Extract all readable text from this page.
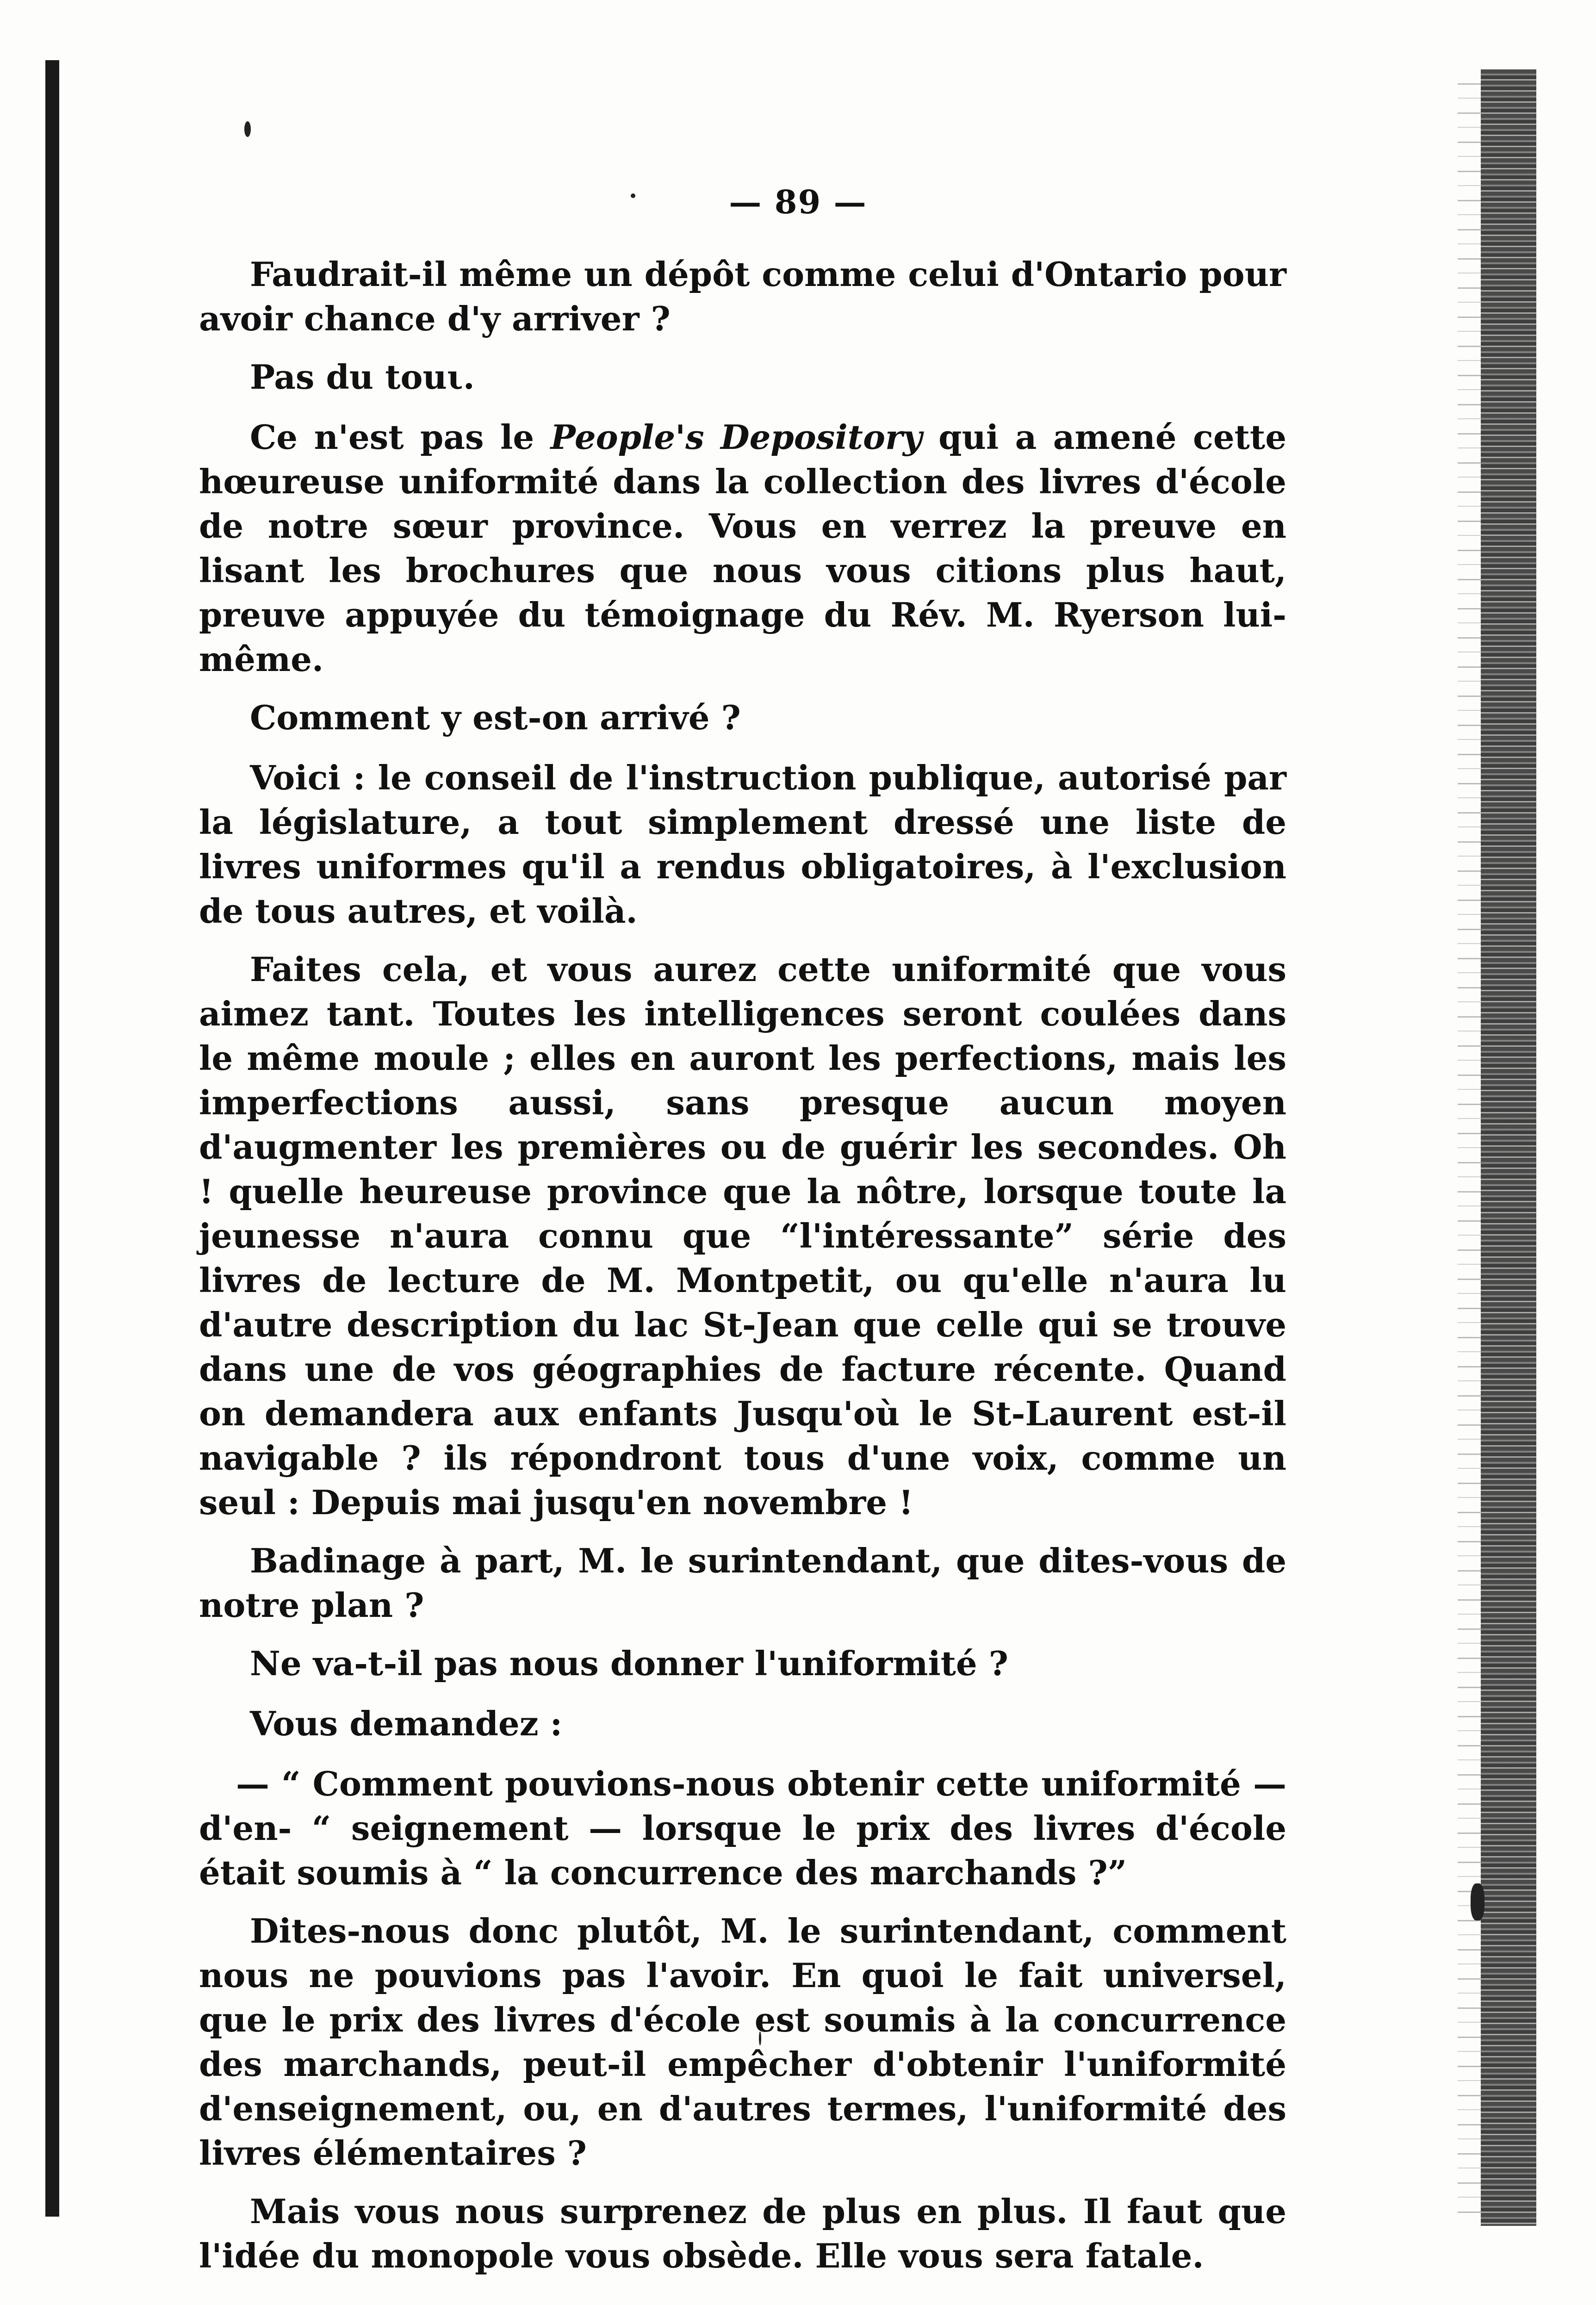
— 89 —

Faudrait-il même un dépôt comme celui d'Ontario pour avoir chance d'y arriver ?

Pas du touι.

Ce n'est pas le People's Depository qui a amené cette hœureuse uniformité dans la collection des livres d'école de notre sœur province. Vous en verrez la preuve en lisant les brochures que nous vous citions plus haut, preuve appuyée du témoignage du Rév. M. Ryerson lui-même.

Comment y est-on arrivé ?

Voici : le conseil de l'instruction publique, autorisé par la législature, a tout simplement dressé une liste de livres uniformes qu'il a rendus obligatoires, à l'exclusion de tous autres, et voilà.

Faites cela, et vous aurez cette uniformité que vous aimez tant. Toutes les intelligences seront coulées dans le même moule ; elles en auront les perfections, mais les imperfections aussi, sans presque aucun moyen d'augmenter les premières ou de guérir les secondes. Oh ! quelle heureuse province que la nôtre, lorsque toute la jeunesse n'aura connu que “l'intéressante” série des livres de lecture de M. Montpetit, ou qu'elle n'aura lu d'autre description du lac St-Jean que celle qui se trouve dans une de vos géographies de facture récente. Quand on demandera aux enfants Jusqu'où le St-Laurent est-il navigable ? ils répondront tous d'une voix, comme un seul : Depuis mai jusqu'en novembre !

Badinage à part, M. le surintendant, que dites-vous de notre plan ?

Ne va-t-il pas nous donner l'uniformité ?

Vous demandez :

— “ Comment pouvions-nous obtenir cette uniformité — d'en- “ seignement — lorsque le prix des livres d'école était soumis à “ la concurrence des marchands ?”

Dites-nous donc plutôt, M. le surintendant, comment nous ne pouvions pas l'avoir. En quoi le fait universel, que le prix des livres d'école est soumis à la concurrence des marchands, peut-il empêcher d'obtenir l'uniformité d'enseignement, ou, en d'autres termes, l'uniformité des livres élémentaires ?

Mais vous nous surprenez de plus en plus. Il faut que l'idée du monopole vous obsède. Elle vous sera fatale.
